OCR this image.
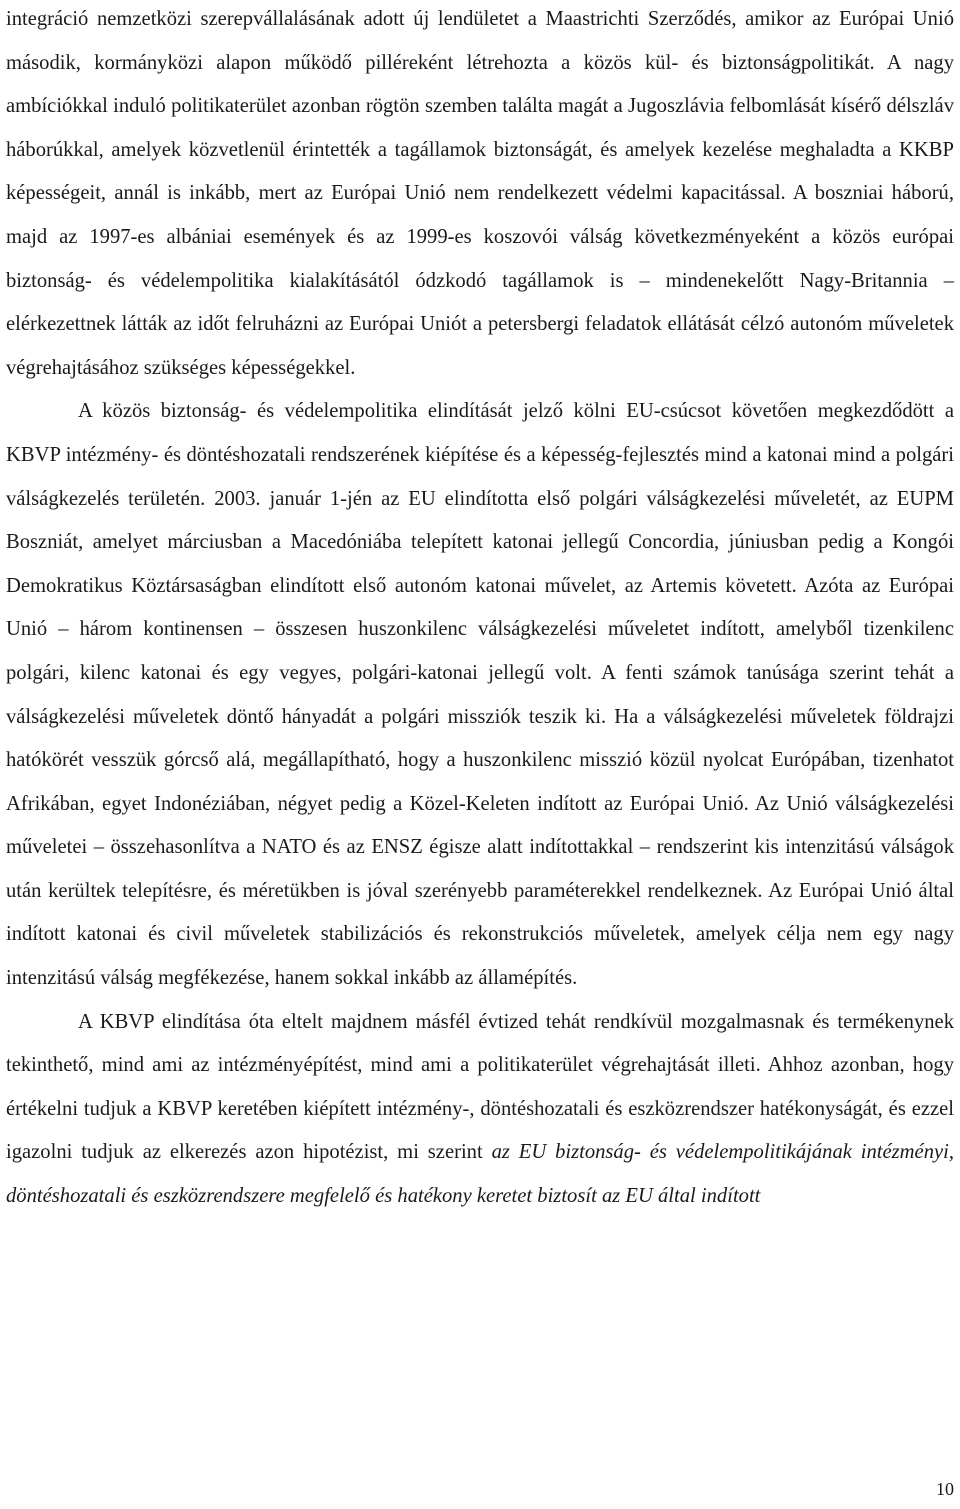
integráció nemzetközi szerepvállalásának adott új lendületet a Maastrichti Szerződés, amikor az Európai Unió második, kormányközi alapon működő pilléreként létrehozta a közös kül- és biztonságpolitikát. A nagy ambíciókkal induló politikaterület azonban rögtön szemben találta magát a Jugoszlávia felbomlását kísérő délszláv háborúkkal, amelyek közvetlenül érintették a tagállamok biztonságát, és amelyek kezelése meghaladta a KKBP képességeit, annál is inkább, mert az Európai Unió nem rendelkezett védelmi kapacitással. A boszniai háború, majd az 1997-es albániai események és az 1999-es koszovói válság következményeként a közös európai biztonság- és védelempolitika kialakításától ódzkodó tagállamok is – mindenekelőtt Nagy-Britannia – elérkezettnek látták az időt felruházni az Európai Uniót a petersbergi feladatok ellátását célzó autonóm műveletek végrehajtásához szükséges képességekkel.

A közös biztonság- és védelempolitika elindítását jelző kölni EU-csúcsot követően megkezdődött a KBVP intézmény- és döntéshozatali rendszerének kiépítése és a képesség-fejlesztés mind a katonai mind a polgári válságkezelés területén. 2003. január 1-jén az EU elindította első polgári válságkezelési műveletét, az EUPM Boszniát, amelyet márciusban a Macedóniába telepített katonai jellegű Concordia, júniusban pedig a Kongói Demokratikus Köztársaságban elindított első autonóm katonai művelet, az Artemis követett. Azóta az Európai Unió – három kontinensen – összesen huszonkilenc válságkezelési műveletet indított, amelyből tizenkilenc polgári, kilenc katonai és egy vegyes, polgári-katonai jellegű volt. A fenti számok tanúsága szerint tehát a válságkezelési műveletek döntő hányadát a polgári missziók teszik ki. Ha a válságkezelési műveletek földrajzi hatókörét vesszük górcső alá, megállapítható, hogy a huszonkilenc misszió közül nyolcat Európában, tizenhatot Afrikában, egyet Indonéziában, négyet pedig a Közel-Keleten indított az Európai Unió. Az Unió válságkezelési műveletei – összehasonlítva a NATO és az ENSZ égisze alatt indítottakkal – rendszerint kis intenzitású válságok után kerültek telepítésre, és méretükben is jóval szerényebb paraméterekkel rendelkeznek. Az Európai Unió által indított katonai és civil műveletek stabilizációs és rekonstrukciós műveletek, amelyek célja nem egy nagy intenzitású válság megfékezése, hanem sokkal inkább az államépítés.

A KBVP elindítása óta eltelt majdnem másfél évtized tehát rendkívül mozgalmasnak és termékenynek tekinthető, mind ami az intézményépítést, mind ami a politikaterület végrehajtását illeti. Ahhoz azonban, hogy értékelni tudjuk a KBVP keretében kiépített intézmény-, döntéshozatali és eszközrendszer hatékonyságát, és ezzel igazolni tudjuk az elkerezés azon hipotézist, mi szerint az EU biztonság- és védelempolitikájának intézményi, döntéshozatali és eszközrendszere megfelelő és hatékony keretet biztosít az EU által indított

10
